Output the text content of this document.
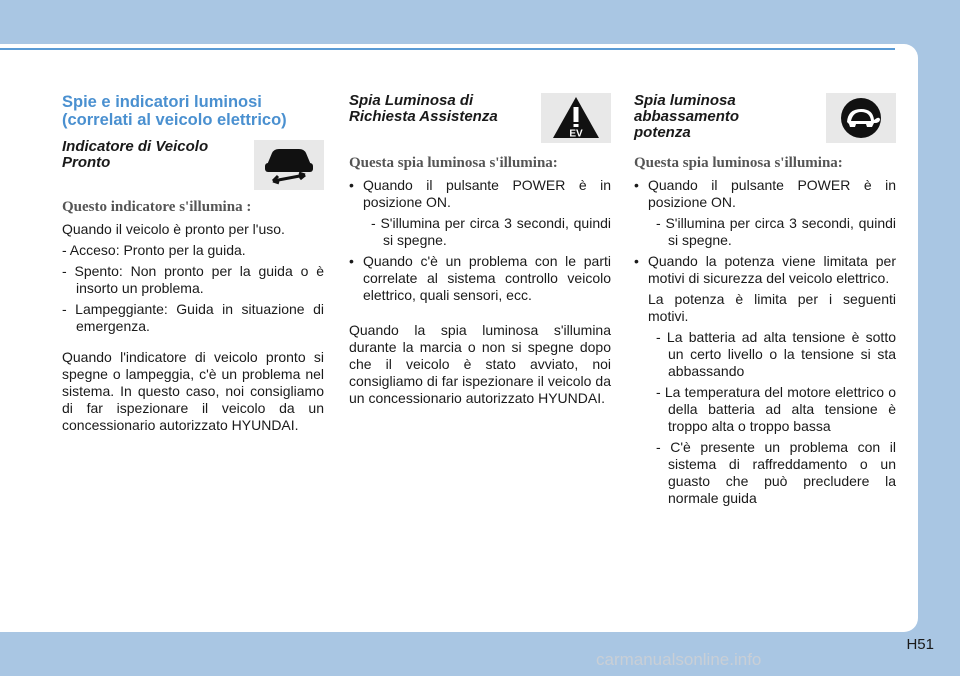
Spie e indicatori luminosi (correlati al veicolo elettrico)
Indicatore di Veicolo Pronto
Questo indicatore s'illumina :

Quando il veicolo è pronto per l'uso.

- Acceso: Pronto per la guida.

- Spento: Non pronto per la guida o è insorto un problema.

- Lampeggiante: Guida in situazione di emergenza.

Quando l'indicatore di veicolo pronto si spegne o lampeggia, c'è un problema nel sistema. In questo caso, noi consigliamo di far ispezionare il veicolo da un concessionario autorizzato HYUNDAI.

Spia Luminosa di Richiesta Assistenza
EV
Questa spia luminosa s'illumina:
• Quando il pulsante POWER è in posizione ON.
- S'illumina per circa 3 secondi, quindi si spegne.
• Quando c'è un problema con le parti correlate al sistema controllo veicolo elettrico, quali sensori, ecc.

Quando la spia luminosa s'illumina durante la marcia o non si spegne dopo che il veicolo è stato avviato, noi consigliamo di far ispezionare il veicolo da un concessionario autorizzato HYUNDAI.

Spia luminosa abbassamento potenza
Questa spia luminosa s'illumina:
• Quando il pulsante POWER è in posizione ON.
- S'illumina per circa 3 secondi, quindi si spegne.
• Quando la potenza viene limitata per motivi di sicurezza del veicolo elettrico.
La potenza è limita per i seguenti motivi.
- La batteria ad alta tensione è sotto un certo livello o la tensione si sta abbassando
- La temperatura del motore elettrico o della batteria ad alta tensione è troppo alta o troppo bassa
- C'è presente un problema con il sistema di raffreddamento o un guasto che può precludere la normale guida
H51
carmanualsonline.info
